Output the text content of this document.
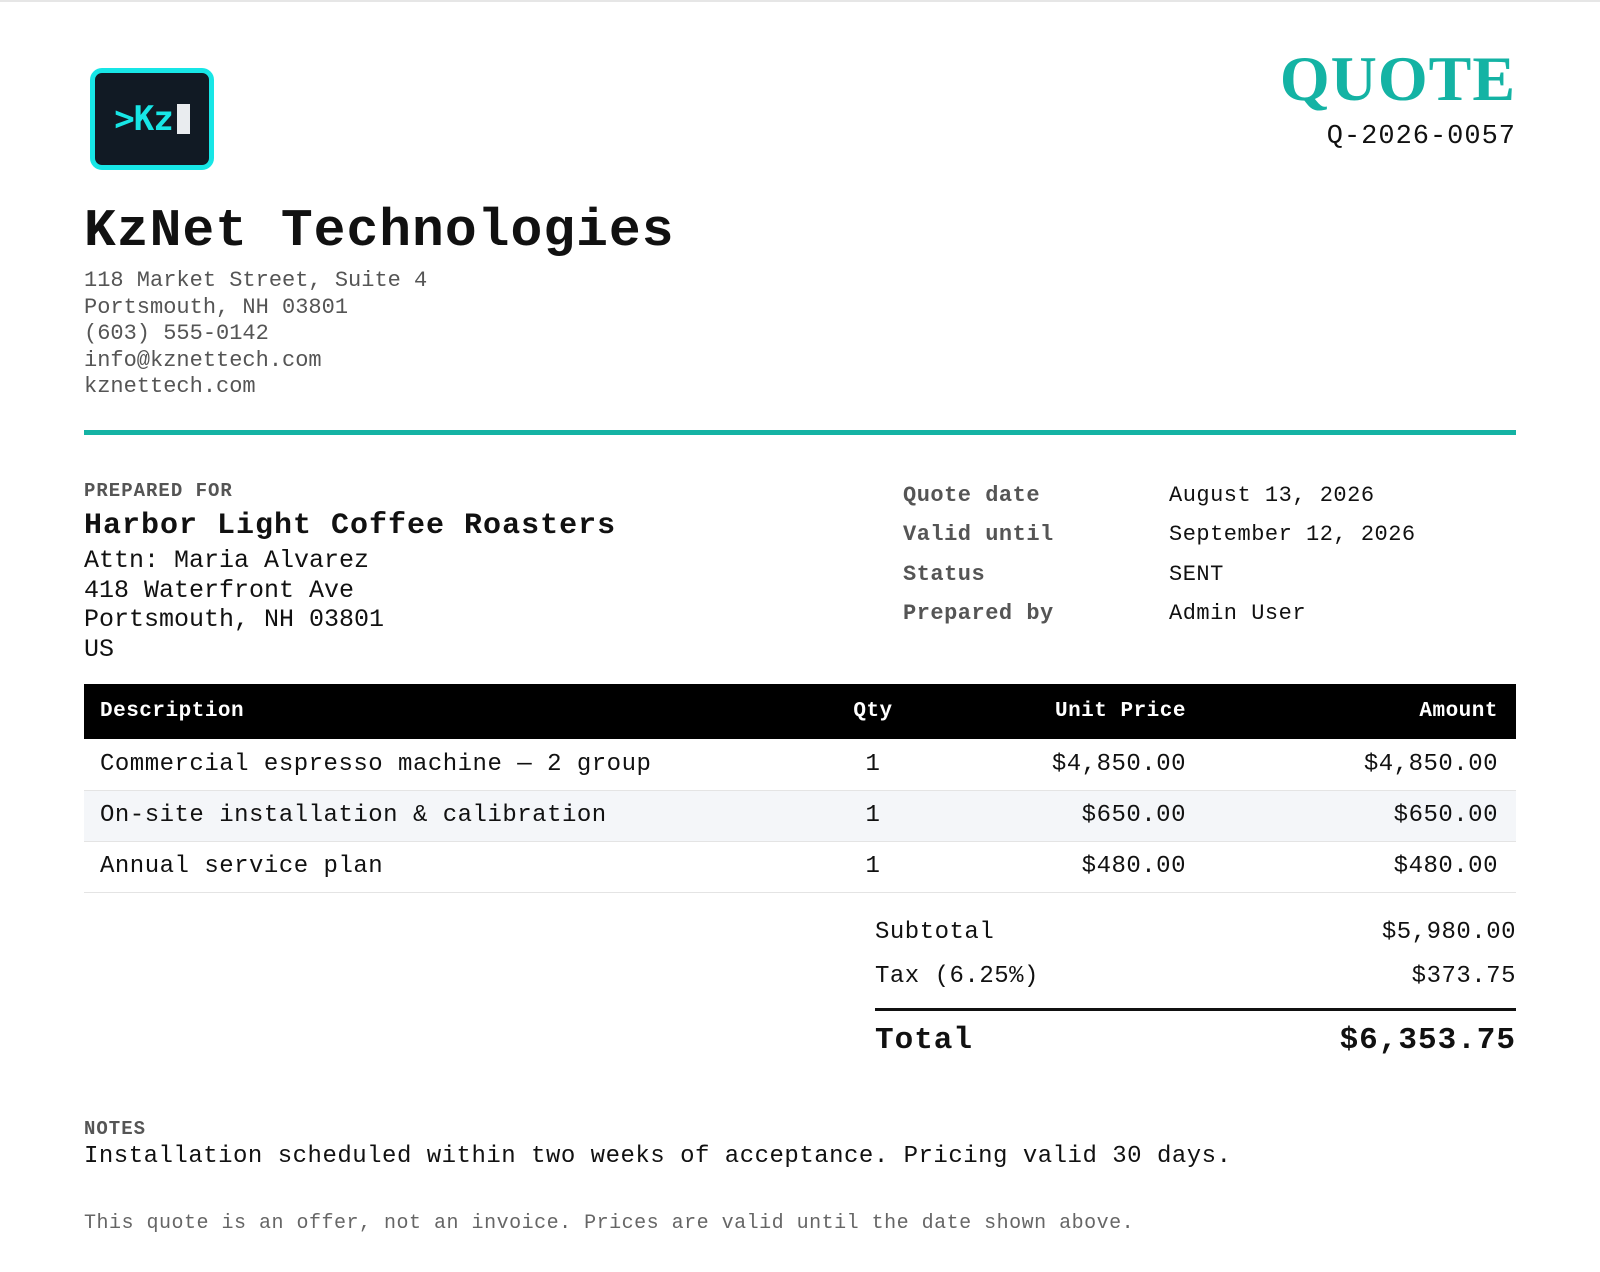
>Kz
QUOTE
Q-2026-0057
KzNet Technologies
118 Market Street, Suite 4
Portsmouth, NH 03801
(603) 555-0142
info@kznettech.com
kznettech.com
PREPARED FOR
Harbor Light Coffee Roasters
Attn: Maria Alvarez
418 Waterfront Ave
Portsmouth, NH 03801
US
Quote date	August 13, 2026
Valid until	September 12, 2026
Status	SENT
Prepared by	Admin User
Description	Qty	Unit Price	Amount
Commercial espresso machine — 2 group	1	$4,850.00	$4,850.00
On-site installation & calibration	1	$650.00	$650.00
Annual service plan	1	$480.00	$480.00
Subtotal	$5,980.00
Tax (6.25%)	$373.75
Total	$6,353.75
NOTES
Installation scheduled within two weeks of acceptance. Pricing valid 30 days.
This quote is an offer, not an invoice. Prices are valid until the date shown above.
